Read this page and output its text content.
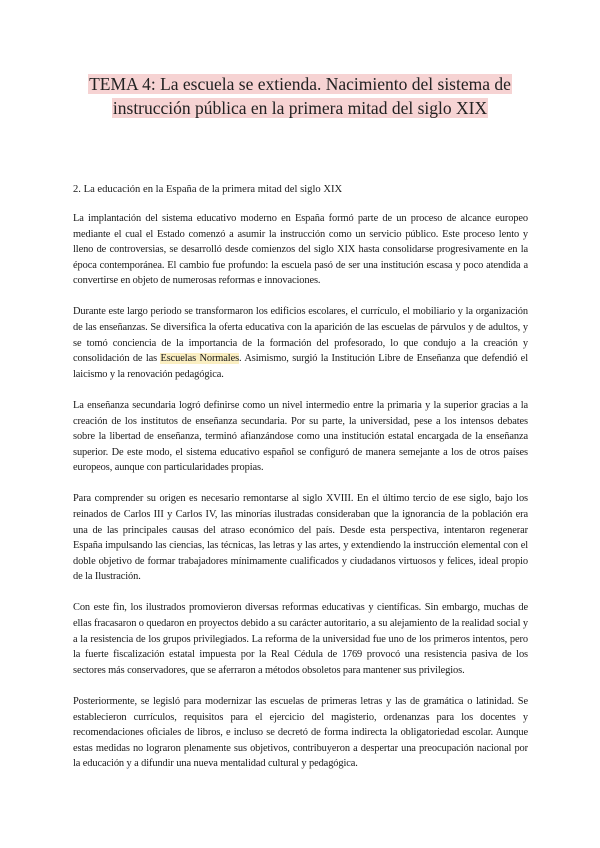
TEMA 4: La escuela se extienda. Nacimiento del sistema de
instrucción pública en la primera mitad del siglo XIX
2. La educación en la España de la primera mitad del siglo XIX

La implantación del sistema educativo moderno en España formó parte de un proceso de alcance europeo mediante el cual el Estado comenzó a asumir la instrucción como un servicio público. Este proceso lento y lleno de controversias, se desarrolló desde comienzos del siglo XIX hasta consolidarse progresivamente en la época contemporánea. El cambio fue profundo: la escuela pasó de ser una institución escasa y poco atendida a convertirse en objeto de numerosas reformas e innovaciones.

Durante este largo periodo se transformaron los edificios escolares, el currículo, el mobiliario y la organización de las enseñanzas. Se diversifica la oferta educativa con la aparición de las escuelas de párvulos y de adultos, y se tomó conciencia de la importancia de la formación del profesorado, lo que condujo a la creación y consolidación de las Escuelas Normales. Asimismo, surgió la Institución Libre de Enseñanza que defendió el laicismo y la renovación pedagógica.

La enseñanza secundaria logró definirse como un nivel intermedio entre la primaria y la superior gracias a la creación de los institutos de enseñanza secundaria. Por su parte, la universidad, pese a los intensos debates sobre la libertad de enseñanza, terminó afianzándose como una institución estatal encargada de la enseñanza superior. De este modo, el sistema educativo español se configuró de manera semejante a los de otros países europeos, aunque con particularidades propias.

Para comprender su origen es necesario remontarse al siglo XVIII. En el último tercio de ese siglo, bajo los reinados de Carlos III y Carlos IV, las minorías ilustradas consideraban que la ignorancia de la población era una de las principales causas del atraso económico del país. Desde esta perspectiva, intentaron regenerar España impulsando las ciencias, las técnicas, las letras y las artes, y extendiendo la instrucción elemental con el doble objetivo de formar trabajadores mínimamente cualificados y ciudadanos virtuosos y felices, ideal propio de la Ilustración.

Con este fin, los ilustrados promovieron diversas reformas educativas y científicas. Sin embargo, muchas de ellas fracasaron o quedaron en proyectos debido a su carácter autoritario, a su alejamiento de la realidad social y a la resistencia de los grupos privilegiados. La reforma de la universidad fue uno de los primeros intentos, pero la fuerte fiscalización estatal impuesta por la Real Cédula de 1769 provocó una resistencia pasiva de los sectores más conservadores, que se aferraron a métodos obsoletos para mantener sus privilegios.

Posteriormente, se legisló para modernizar las escuelas de primeras letras y las de gramática o latinidad. Se establecieron currículos, requisitos para el ejercicio del magisterio, ordenanzas para los docentes y recomendaciones oficiales de libros, e incluso se decretó de forma indirecta la obligatoriedad escolar. Aunque estas medidas no lograron plenamente sus objetivos, contribuyeron a despertar una preocupación nacional por la educación y a difundir una nueva mentalidad cultural y pedagógica.
